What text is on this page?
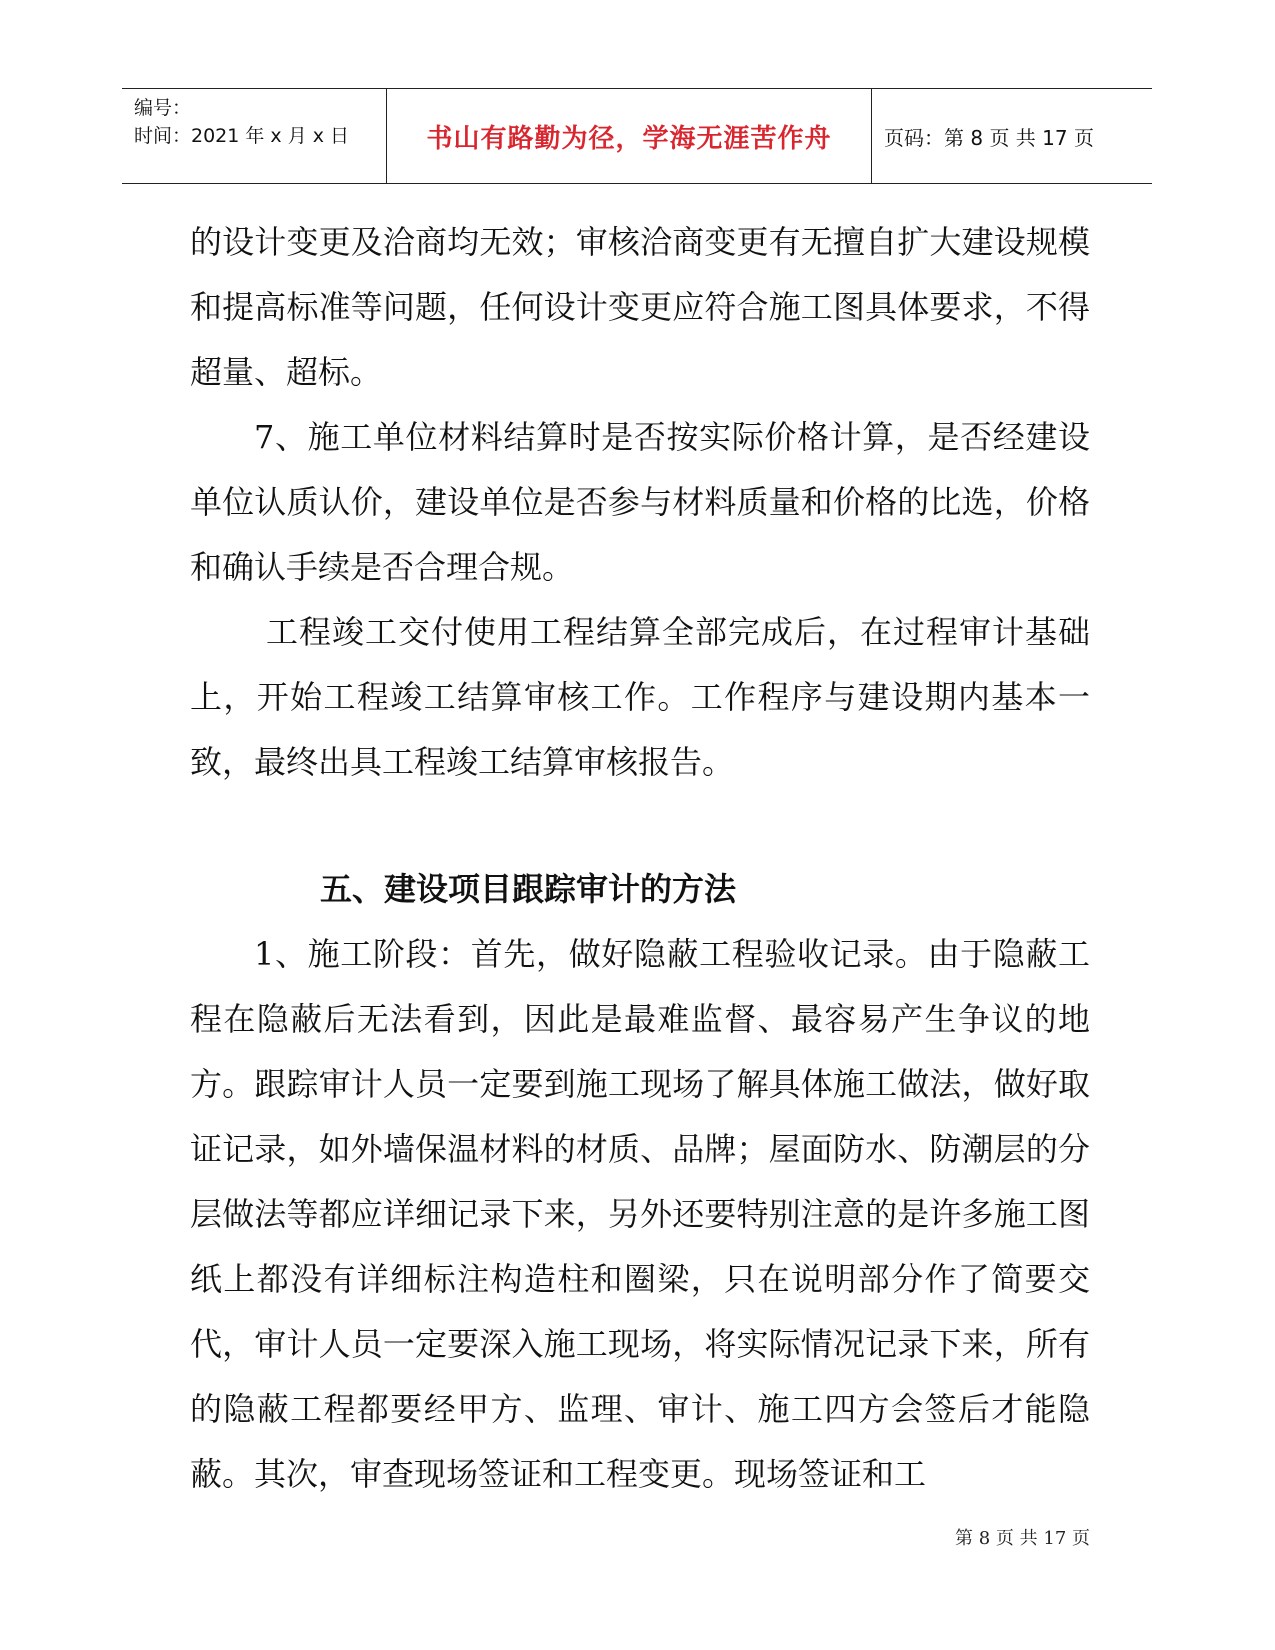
编号：
时间：2021 年 x 月 x 日	书山有路勤为径，学海无涯苦作舟	页码：第 8 页 共 17 页

的设计变更及洽商均无效；审核洽商变更有无擅自扩大建设规模和提高标准等问题，任何设计变更应符合施工图具体要求，不得超量、超标。

7、施工单位材料结算时是否按实际价格计算，是否经建设单位认质认价，建设单位是否参与材料质量和价格的比选，价格和确认手续是否合理合规。

工程竣工交付使用工程结算全部完成后，在过程审计基础上，开始工程竣工结算审核工作。工作程序与建设期内基本一致，最终出具工程竣工结算审核报告。

五、建设项目跟踪审计的方法

1、施工阶段：首先，做好隐蔽工程验收记录。由于隐蔽工程在隐蔽后无法看到，因此是最难监督、最容易产生争议的地方。跟踪审计人员一定要到施工现场了解具体施工做法，做好取证记录，如外墙保温材料的材质、品牌；屋面防水、防潮层的分层做法等都应详细记录下来，另外还要特别注意的是许多施工图纸上都没有详细标注构造柱和圈梁，只在说明部分作了简要交代，审计人员一定要深入施工现场，将实际情况记录下来，所有的隐蔽工程都要经甲方、监理、审计、施工四方会签后才能隐蔽。其次，审查现场签证和工程变更。现场签证和工

第 8 页 共 17 页
